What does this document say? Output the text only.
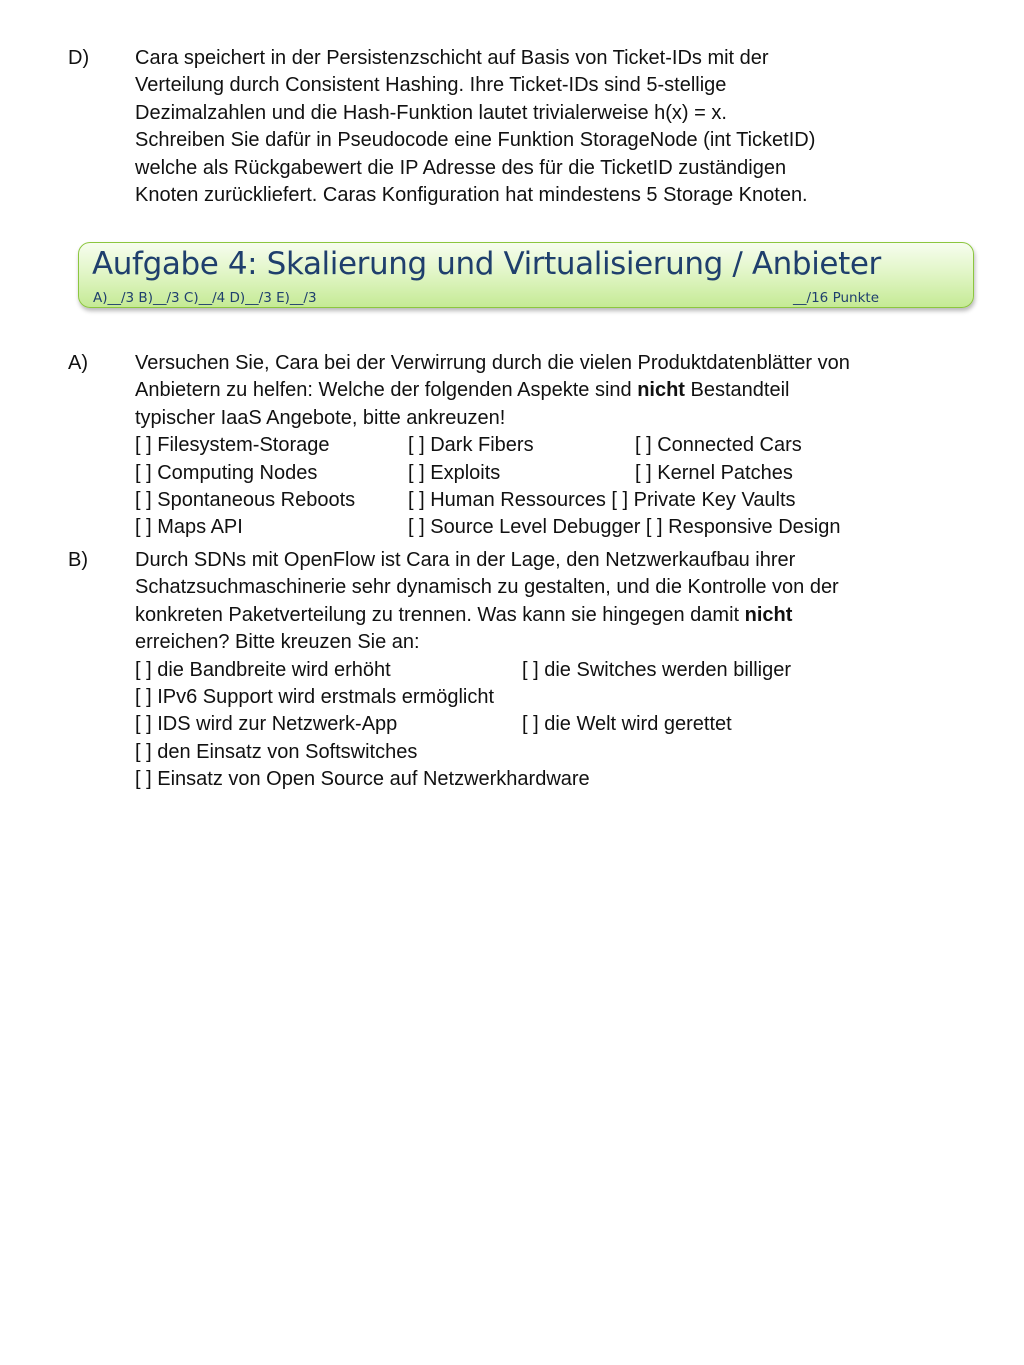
D) Cara speichert in der Persistenzschicht auf Basis von Ticket-IDs mit der
Verteilung durch Consistent Hashing. Ihre Ticket-IDs sind 5-stellige
Dezimalzahlen und die Hash-Funktion lautet trivialerweise h(x) = x.
Schreiben Sie dafür in Pseudocode eine Funktion StorageNode (int TicketID)
welche als Rückgabewert die IP Adresse des für die TicketID zuständigen
Knoten zurückliefert. Caras Konfiguration hat mindestens 5 Storage Knoten.
Aufgabe 4: Skalierung und Virtualisierung / Anbieter
A)__/3 B)__/3 C)__/4 D)__/3 E)__/3	__/16 Punkte
A) Versuchen Sie, Cara bei der Verwirrung durch die vielen Produktdatenblätter von
Anbietern zu helfen: Welche der folgenden Aspekte sind nicht Bestandteil
typischer IaaS Angebote, bitte ankreuzen!
[ ] Filesystem-Storage	[ ] Dark Fibers	[ ] Connected Cars
[ ] Computing Nodes	[ ] Exploits	[ ] Kernel Patches
[ ] Spontaneous Reboots	[ ] Human Ressources [ ] Private Key Vaults
[ ] Maps API	[ ] Source Level Debugger [ ] Responsive Design
B) Durch SDNs mit OpenFlow ist Cara in der Lage, den Netzwerkaufbau ihrer
Schatzsuchmaschinerie sehr dynamisch zu gestalten, und die Kontrolle von der
konkreten Paketverteilung zu trennen. Was kann sie hingegen damit nicht
erreichen? Bitte kreuzen Sie an:
[ ] die Bandbreite wird erhöht	[ ] die Switches werden billiger
[ ] IPv6 Support wird erstmals ermöglicht
[ ] IDS wird zur Netzwerk-App	[ ] die Welt wird gerettet
[ ] den Einsatz von Softswitches
[ ] Einsatz von Open Source auf Netzwerkhardware
